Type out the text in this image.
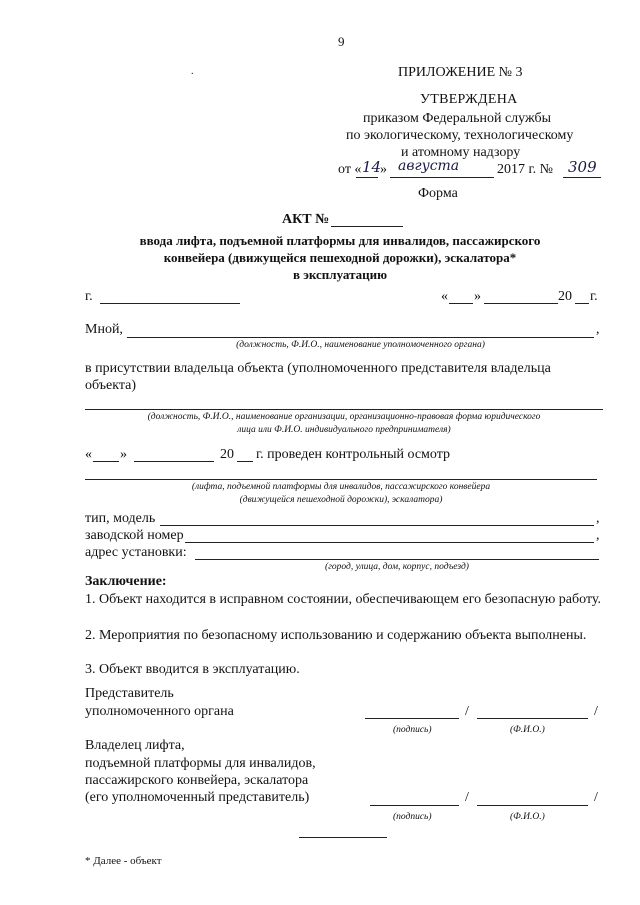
9
.	ПРИЛОЖЕНИЕ № 3
УТВЕРЖДЕНА
приказом Федеральной службы
по экологическому, технологическому
и атомному надзору
от « 14
» августа	2017 г. № 309
Форма
АКТ №
ввода лифта, подъемной платформы для инвалидов, пассажирского
конвейера (движущейся пешеходной дорожки), эскалатора*
в эксплуатацию
г.	« »	20 г.
Мной,	,
(должность, Ф.И.О., наименование уполномоченного органа)
в присутствии владельца объекта (уполномоченного представителя владельца объекта)
(должность, Ф.И.О., наименование организации, организационно-правовая форма юридического
лица или Ф.И.О. индивидуального предпринимателя)
« »	20 г. проведен контрольный осмотр
(лифта, подъемной платформы для инвалидов, пассажирского конвейера
(движущейся пешеходной дорожки), эскалатора)
тип, модель	,
заводской номер	,
адрес установки:
(город, улица, дом, корпус, подъезд)
Заключение:
1. Объект находится в исправном состоянии, обеспечивающем его безопасную работу.
2. Мероприятия по безопасному использованию и содержанию объекта выполнены.
3. Объект вводится в эксплуатацию.
Представитель
уполномоченного органа	/	/
(подпись)	(Ф.И.О.)
Владелец лифта,
подъемной платформы для инвалидов,
пассажирского конвейера, эскалатора
(его уполномоченный представитель)	/	/
(подпись)	(Ф.И.О.)
* Далее - объект
